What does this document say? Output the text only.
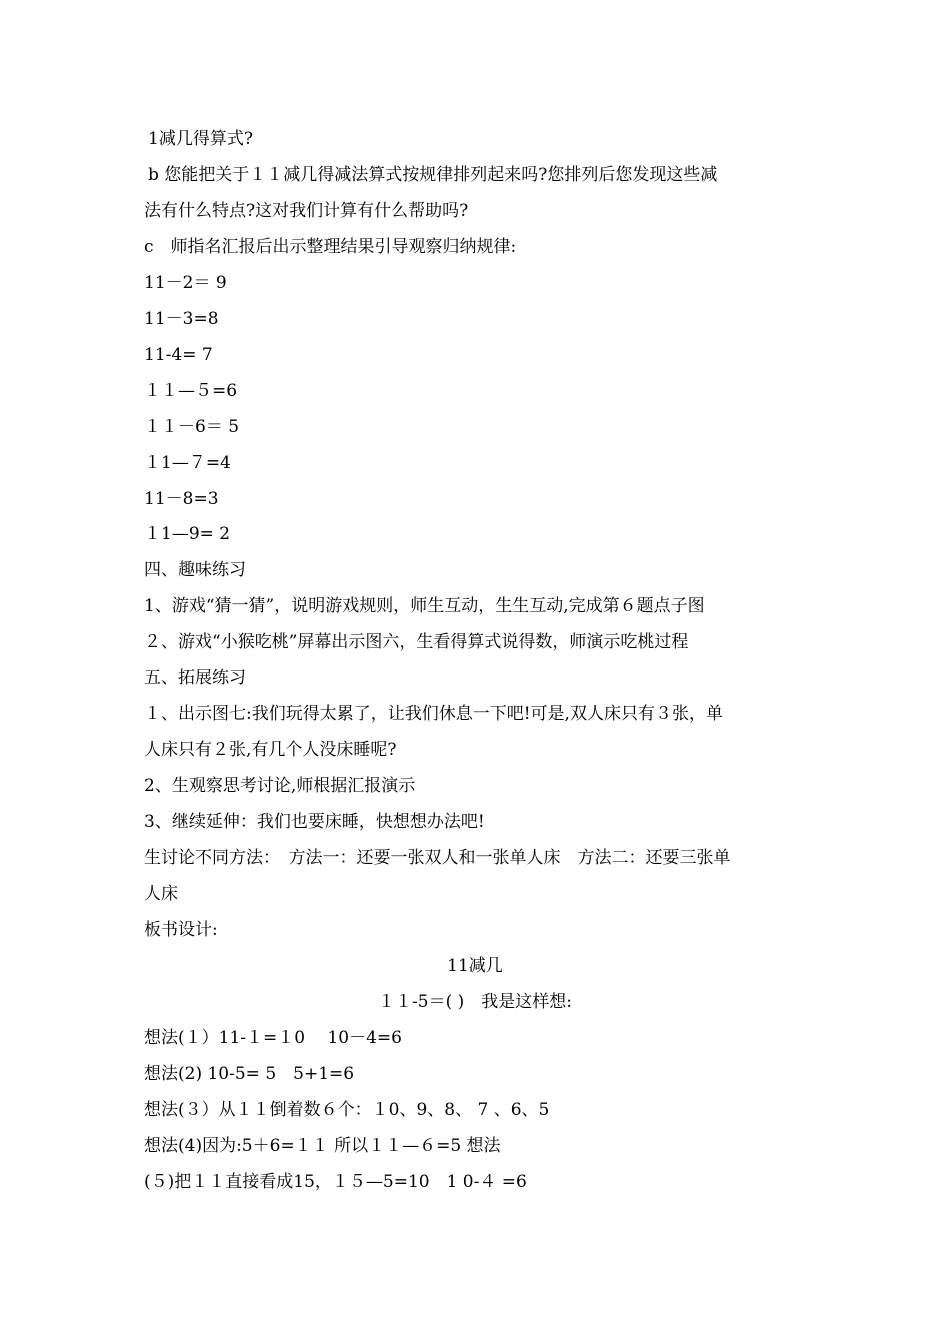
1减几得算式?
b 您能把关于１１减几得减法算式按规律排列起来吗?您排列后您发现这些减
法有什么特点?这对我们计算有什么帮助吗?
c　师指名汇报后出示整理结果引导观察归纳规律:
11－2＝ 9
11－3=8
11-4= 7
１１—５=6
１１－6＝ 5
１1—７=4
11－8=3
１1—9= 2
四、趣味练习
1、游戏“猜一猜”，说明游戏规则，师生互动，生生互动,完成第６题点子图
２、游戏“小猴吃桃”屏幕出示图六，生看得算式说得数，师演示吃桃过程
五、拓展练习
１、出示图七:我们玩得太累了，让我们休息一下吧!可是,双人床只有３张，单
人床只有２张,有几个人没床睡呢?
2、生观察思考讨论,师根据汇报演示
3、继续延伸：我们也要床睡，快想想办法吧!
生讨论不同方法：　方法一：还要一张双人和一张单人床　方法二：还要三张单
人床
板书设计:
11减几
１１-5＝( )　我是这样想:
想法(１）11-１=１0　 10－4=6
想法(2) 10-5= 5　5+1=6
想法(３）从１１倒着数６个：１0、9、8、 7 、6、5
想法(4)因为:5＋6=１１ 所以１１—６=5 想法
(５)把１１直接看成15，１５—5=10　1 0-４ =6
